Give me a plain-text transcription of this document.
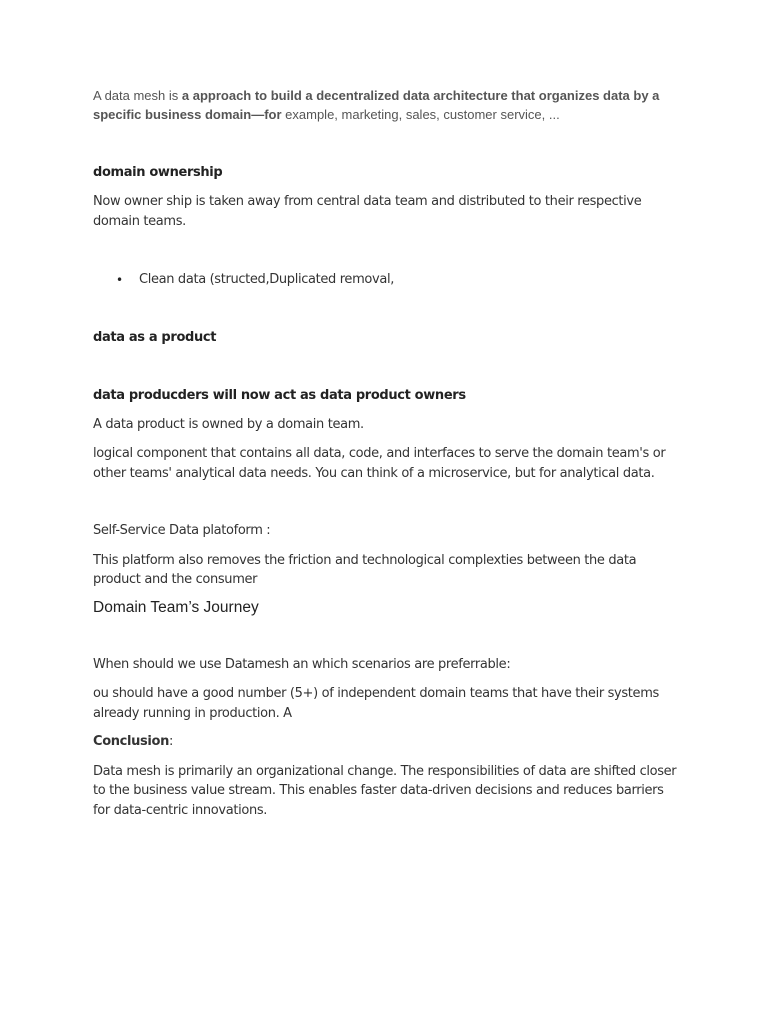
A data mesh is a approach to build a decentralized data architecture that organizes data by a specific business domain—for example, marketing, sales, customer service, ...

domain ownership

Now owner ship is taken away from central data team and distributed to their respective domain teams.

•	Clean data (structed,Duplicated removal,

data as a product

data producders will now act as data product owners

A data product is owned by a domain team.

logical component that contains all data, code, and interfaces to serve the domain team's or other teams' analytical data needs. You can think of a microservice, but for analytical data.

Self-Service Data platoform :

This platform also removes the friction and technological complexties between the data product and the consumer

Domain Team’s Journey

When should we use Datamesh an which scenarios are preferrable:

ou should have a good number (5+) of independent domain teams that have their systems already running in production. A

Conclusion:

Data mesh is primarily an organizational change. The responsibilities of data are shifted closer to the business value stream. This enables faster data-driven decisions and reduces barriers for data-centric innovations.
